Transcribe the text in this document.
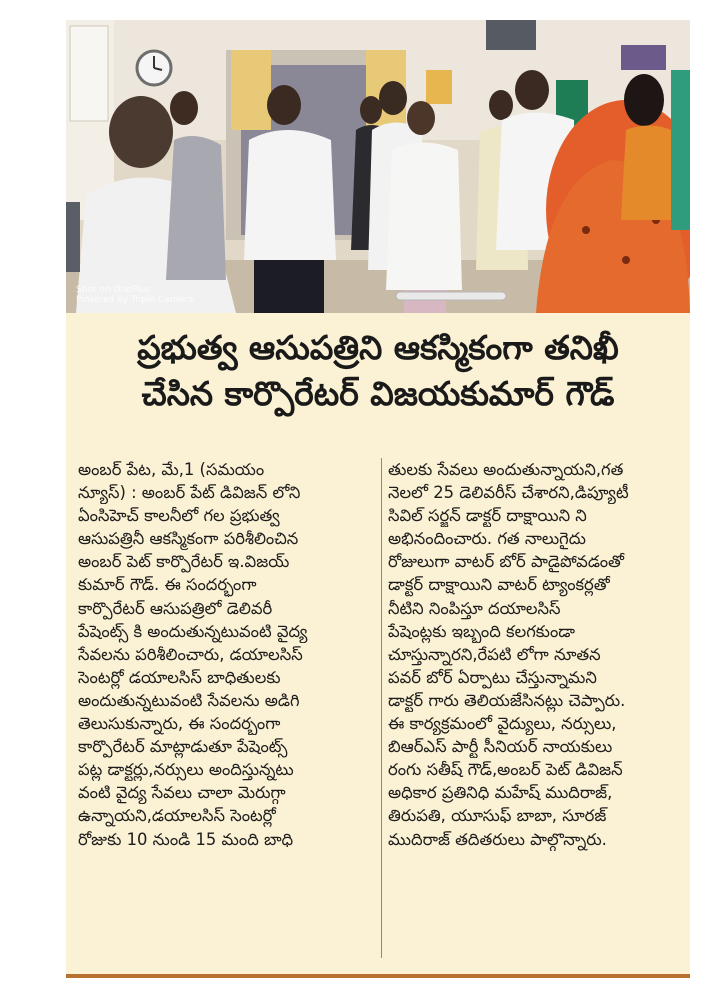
Shot on OnePlus
Powered by Triple Camera
ప్రభుత్వ ఆసుపత్రిని ఆకస్మికంగా తనిఖీ
చేసిన కార్పొరేటర్ విజయకుమార్ గౌడ్
అంబర్ పేట, మే,1 (సమయం
న్యూస్) : అంబర్ పేట్ డివిజన్ లోని
ఏంసిహెచ్ కాలనీలో గల ప్రభుత్వ
ఆసుపత్రినీ ఆకస్మికంగా పరిశీలించిన
అంబర్ పెట్ కార్పొరేటర్ ఇ.విజయ్
కుమార్ గౌడ్. ఈ సందర్భంగా
కార్పొరేటర్ ఆసుపత్రిలో డెలివరీ
పేషెంట్స్ కి అందుతున్నటువంటి వైద్య
సేవలను పరిశీలించారు, డయాలసిస్
సెంటర్లో డయాలసిస్ బాధితులకు
అందుతున్నటువంటి సేవలను అడిగి
తెలుసుకున్నారు, ఈ సందర్భంగా
కార్పొరేటర్ మాట్లాడుతూ పేషెంట్స్
పట్ల డాక్టర్లు,నర్సులు అందిస్తున్నటు
వంటి వైద్య సేవలు చాలా మెరుగ్గా
ఉన్నాయని,డయాలసిస్ సెంటర్లో
రోజుకు 10 నుండి 15 మంది బాధి
తులకు సేవలు అందుతున్నాయని,గత
నెలలో 25 డెలివరీస్ చేశారని,డిప్యూటీ
సివిల్ సర్జన్ డాక్టర్ దాక్షాయిని ని
అభినందించారు. గత నాలుగైదు
రోజులుగా వాటర్ బోర్ పాడైపోవడంతో
డాక్టర్ దాక్షాయిని వాటర్ ట్యాంకర్లతో
నీటిని నింపిస్తూ దయాలసిస్
పేషెంట్లకు ఇబ్బంది కలగకుండా
చూస్తున్నారని,రేపటి లోగా నూతన
పవర్ బోర్ ఏర్పాటు చేస్తున్నామని
డాక్టర్ గారు తెలియజేసినట్లు చెప్పారు.
ఈ కార్యక్రమంలో వైద్యులు, నర్సులు,
బిఆర్ఎస్ పార్టీ సీనియర్ నాయకులు
రంగు సతీష్ గౌడ్,అంబర్ పెట్ డివిజన్
అధికార ప్రతినిధి మహేష్ ముదిరాజ్,
తిరుపతి, యూసుఫ్ బాబా, సూరజ్
ముదిరాజ్ తదితరులు పాల్గొన్నారు.
